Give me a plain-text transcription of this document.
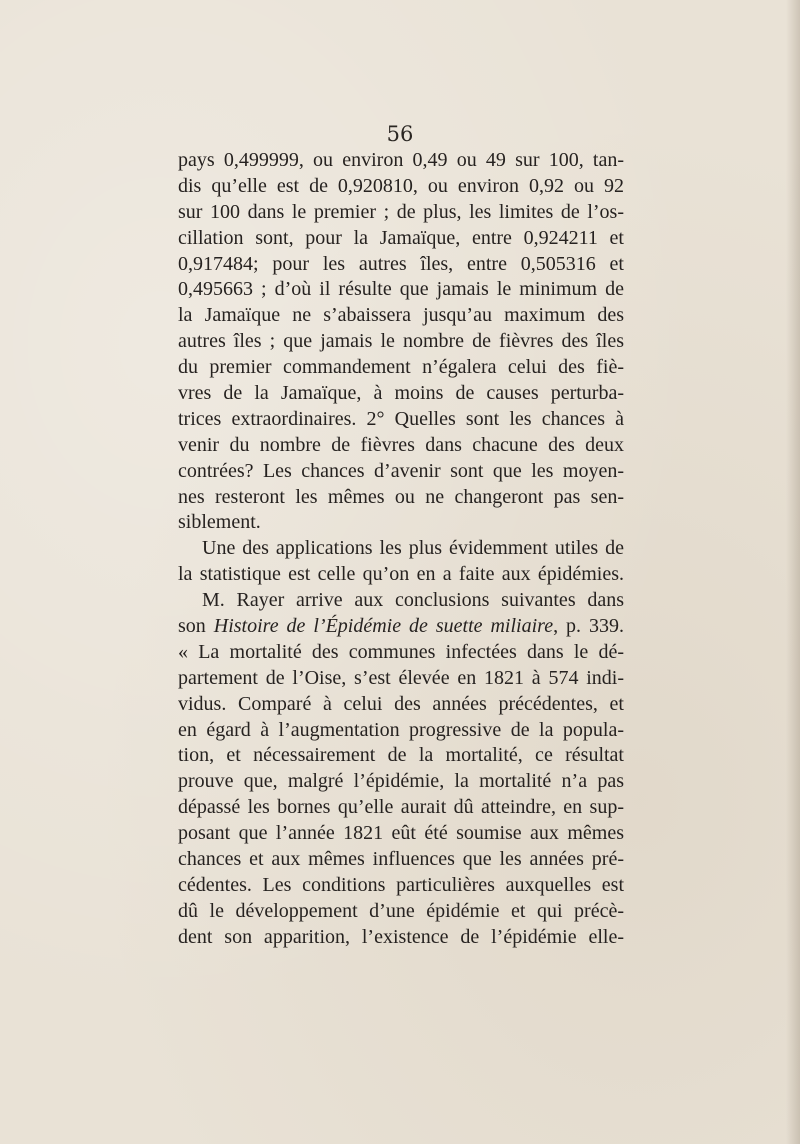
56
pays 0,499999, ou environ 0,49 ou 49 sur 100, tan-
dis qu’elle est de 0,920810, ou environ 0,92 ou 92
sur 100 dans le premier ; de plus, les limites de l’os-
cillation sont, pour la Jamaïque, entre 0,924211 et
0,917484; pour les autres îles, entre 0,505316 et
0,495663 ; d’où il résulte que jamais le minimum de
la Jamaïque ne s’abaissera jusqu’au maximum des
autres îles ; que jamais le nombre de fièvres des îles
du premier commandement n’égalera celui des fiè-
vres de la Jamaïque, à moins de causes perturba-
trices extraordinaires. 2° Quelles sont les chances à
venir du nombre de fièvres dans chacune des deux
contrées? Les chances d’avenir sont que les moyen-
nes resteront les mêmes ou ne changeront pas sen-
siblement.
Une des applications les plus évidemment utiles de
la statistique est celle qu’on en a faite aux épidémies.
M. Rayer arrive aux conclusions suivantes dans
son Histoire de l’Épidémie de suette miliaire, p. 339.
« La mortalité des communes infectées dans le dé-
partement de l’Oise, s’est élevée en 1821 à 574 indi-
vidus. Comparé à celui des années précédentes, et
en égard à l’augmentation progressive de la popula-
tion, et nécessairement de la mortalité, ce résultat
prouve que, malgré l’épidémie, la mortalité n’a pas
dépassé les bornes qu’elle aurait dû atteindre, en sup-
posant que l’année 1821 eût été soumise aux mêmes
chances et aux mêmes influences que les années pré-
cédentes. Les conditions particulières auxquelles est
dû le développement d’une épidémie et qui précè-
dent son apparition, l’existence de l’épidémie elle-
